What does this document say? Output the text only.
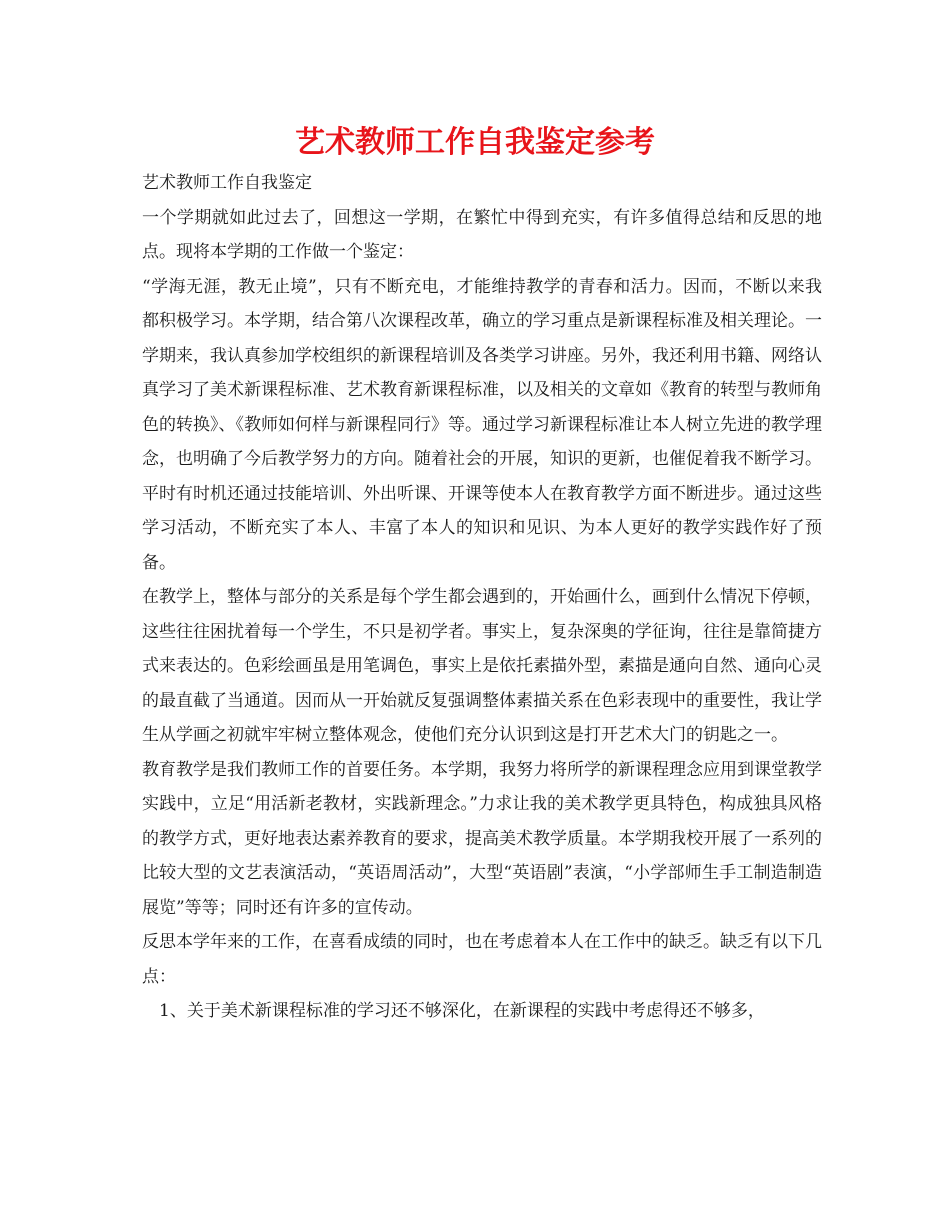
艺术教师工作自我鉴定参考

艺术教师工作自我鉴定

一个学期就如此过去了，回想这一学期，在繁忙中得到充实，有许多值得总结和反思的地点。现将本学期的工作做一个鉴定：

“学海无涯，教无止境”，只有不断充电，才能维持教学的青春和活力。因而，不断以来我都积极学习。本学期，结合第八次课程改革，确立的学习重点是新课程标准及相关理论。一学期来，我认真参加学校组织的新课程培训及各类学习讲座。另外，我还利用书籍、网络认真学习了美术新课程标准、艺术教育新课程标准，以及相关的文章如《教育的转型与教师角色的转换》、《教师如何样与新课程同行》等。通过学习新课程标准让本人树立先进的教学理念，也明确了今后教学努力的方向。随着社会的开展，知识的更新，也催促着我不断学习。平时有时机还通过技能培训、外出听课、开课等使本人在教育教学方面不断进步。通过这些学习活动，不断充实了本人、丰富了本人的知识和见识、为本人更好的教学实践作好了预备。

在教学上，整体与部分的关系是每个学生都会遇到的，开始画什么，画到什么情况下停顿，这些往往困扰着每一个学生，不只是初学者。事实上，复杂深奥的学征询，往往是靠简捷方式来表达的。色彩绘画虽是用笔调色，事实上是依托素描外型，素描是通向自然、通向心灵的最直截了当通道。因而从一开始就反复强调整体素描关系在色彩表现中的重要性，我让学生从学画之初就牢牢树立整体观念，使他们充分认识到这是打开艺术大门的钥匙之一。

教育教学是我们教师工作的首要任务。本学期，我努力将所学的新课程理念应用到课堂教学实践中，立足“用活新老教材，实践新理念。”力求让我的美术教学更具特色，构成独具风格的教学方式，更好地表达素养教育的要求，提高美术教学质量。本学期我校开展了一系列的比较大型的文艺表演活动，“英语周活动”，大型“英语剧”表演，“小学部师生手工制造制造展览”等等；同时还有许多的宣传动。

反思本学年来的工作，在喜看成绩的同时，也在考虑着本人在工作中的缺乏。缺乏有以下几点：

1、关于美术新课程标准的学习还不够深化，在新课程的实践中考虑得还不够多，
